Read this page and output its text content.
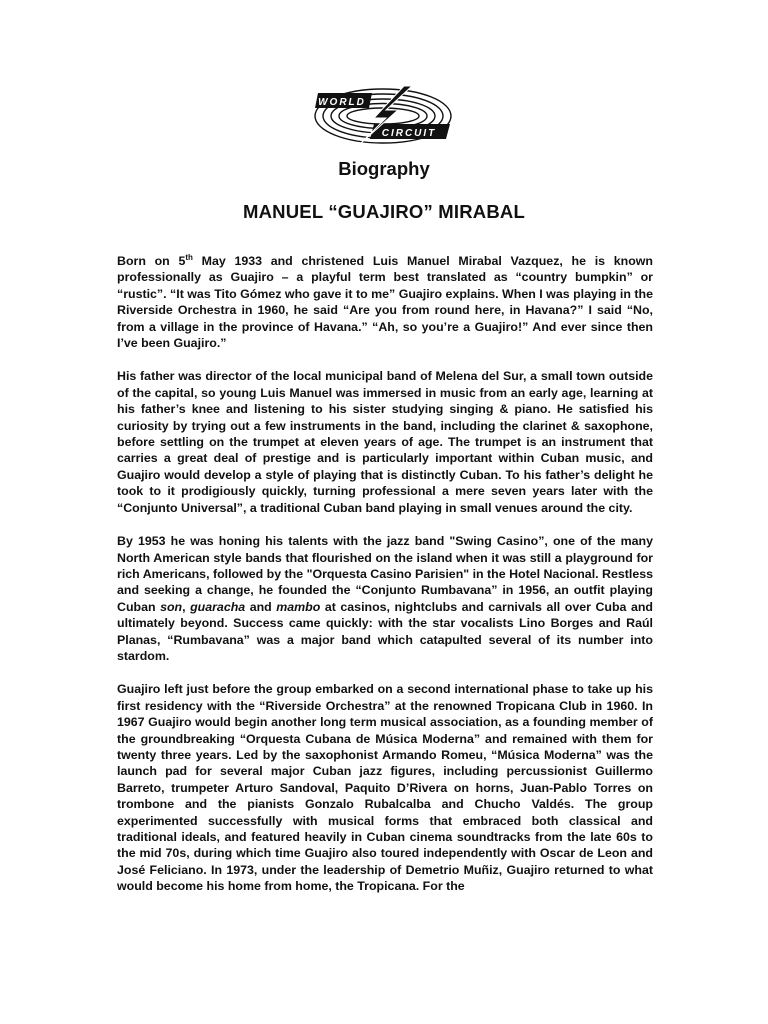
WORLD
CIRCUIT
Biography
MANUEL “GUAJIRO” MIRABAL

Born on 5th May 1933 and christened Luis Manuel Mirabal Vazquez, he is known professionally as Guajiro – a playful term best translated as “country bumpkin” or “rustic”. “It was Tito Gómez who gave it to me” Guajiro explains. When I was playing in the Riverside Orchestra in 1960, he said “Are you from round here, in Havana?” I said “No, from a village in the province of Havana.” “Ah, so you’re a Guajiro!” And ever since then I’ve been Guajiro.”

His father was director of the local municipal band of Melena del Sur, a small town outside of the capital, so young Luis Manuel was immersed in music from an early age, learning at his father’s knee and listening to his sister studying singing & piano. He satisfied his curiosity by trying out a few instruments in the band, including the clarinet & saxophone, before settling on the trumpet at eleven years of age. The trumpet is an instrument that carries a great deal of prestige and is particularly important within Cuban music, and Guajiro would develop a style of playing that is distinctly Cuban. To his father’s delight he took to it prodigiously quickly, turning professional a mere seven years later with the “Conjunto Universal”, a traditional Cuban band playing in small venues around the city.

By 1953 he was honing his talents with the jazz band "Swing Casino”, one of the many North American style bands that flourished on the island when it was still a playground for rich Americans, followed by the "Orquesta Casino Parisien" in the Hotel Nacional. Restless and seeking a change, he founded the “Conjunto Rumbavana” in 1956, an outfit playing Cuban son, guaracha and mambo at casinos, nightclubs and carnivals all over Cuba and ultimately beyond. Success came quickly: with the star vocalists Lino Borges and Raúl Planas, “Rumbavana” was a major band which catapulted several of its number into stardom.

Guajiro left just before the group embarked on a second international phase to take up his first residency with the “Riverside Orchestra” at the renowned Tropicana Club in 1960. In 1967 Guajiro would begin another long term musical association, as a founding member of the groundbreaking “Orquesta Cubana de Música Moderna” and remained with them for twenty three years. Led by the saxophonist Armando Romeu, “Música Moderna” was the launch pad for several major Cuban jazz figures, including percussionist Guillermo Barreto, trumpeter Arturo Sandoval, Paquito D’Rivera on horns, Juan-Pablo Torres on trombone and the pianists Gonzalo Rubalcalba and Chucho Valdés. The group experimented successfully with musical forms that embraced both classical and traditional ideals, and featured heavily in Cuban cinema soundtracks from the late 60s to the mid 70s, during which time Guajiro also toured independently with Oscar de Leon and José Feliciano. In 1973, under the leadership of Demetrio Muñiz, Guajiro returned to what would become his home from home, the Tropicana. For the
